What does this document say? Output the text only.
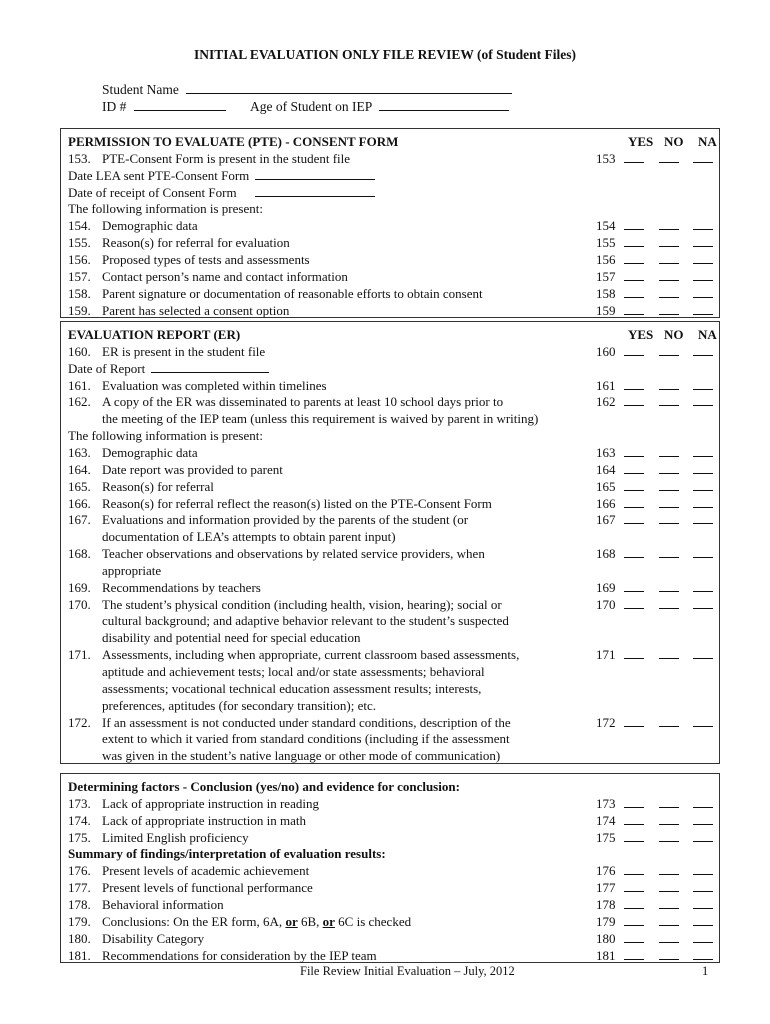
INITIAL EVALUATION ONLY FILE REVIEW (of Student Files)
Student Name
ID #	Age of Student on IEP
PERMISSION TO EVALUATE (PTE) - CONSENT FORM	YES NO NA
153. PTE-Consent Form is present in the student file	153
Date LEA sent PTE-Consent Form
Date of receipt of Consent Form
The following information is present:
154. Demographic data	154
155. Reason(s) for referral for evaluation	155
156. Proposed types of tests and assessments	156
157. Contact person’s name and contact information	157
158. Parent signature or documentation of reasonable efforts to obtain consent	158
159. Parent has selected a consent option	159
EVALUATION REPORT (ER)	YES NO NA
160. ER is present in the student file	160
Date of Report
161. Evaluation was completed within timelines	161
162. A copy of the ER was disseminated to parents at least 10 school days prior to	162
the meeting of the IEP team (unless this requirement is waived by parent in writing)
The following information is present:
163. Demographic data	163
164. Date report was provided to parent	164
165. Reason(s) for referral	165
166. Reason(s) for referral reflect the reason(s) listed on the PTE-Consent Form	166
167. Evaluations and information provided by the parents of the student (or	167
documentation of LEA’s attempts to obtain parent input)
168. Teacher observations and observations by related service providers, when	168
appropriate
169. Recommendations by teachers	169
170. The student’s physical condition (including health, vision, hearing); social or	170
cultural background; and adaptive behavior relevant to the student’s suspected
disability and potential need for special education
171. Assessments, including when appropriate, current classroom based assessments,	171
aptitude and achievement tests; local and/or state assessments; behavioral
assessments; vocational technical education assessment results; interests,
preferences, aptitudes (for secondary transition); etc.
172. If an assessment is not conducted under standard conditions, description of the	172
extent to which it varied from standard conditions (including if the assessment
was given in the student’s native language or other mode of communication)
Determining factors - Conclusion (yes/no) and evidence for conclusion:
173. Lack of appropriate instruction in reading	173
174. Lack of appropriate instruction in math	174
175. Limited English proficiency	175
Summary of findings/interpretation of evaluation results:
176. Present levels of academic achievement	176
177. Present levels of functional performance	177
178. Behavioral information	178
179. Conclusions: On the ER form, 6A, or 6B, or 6C is checked	179
180. Disability Category	180
181. Recommendations for consideration by the IEP team	181
File Review Initial Evaluation – July, 2012	1
